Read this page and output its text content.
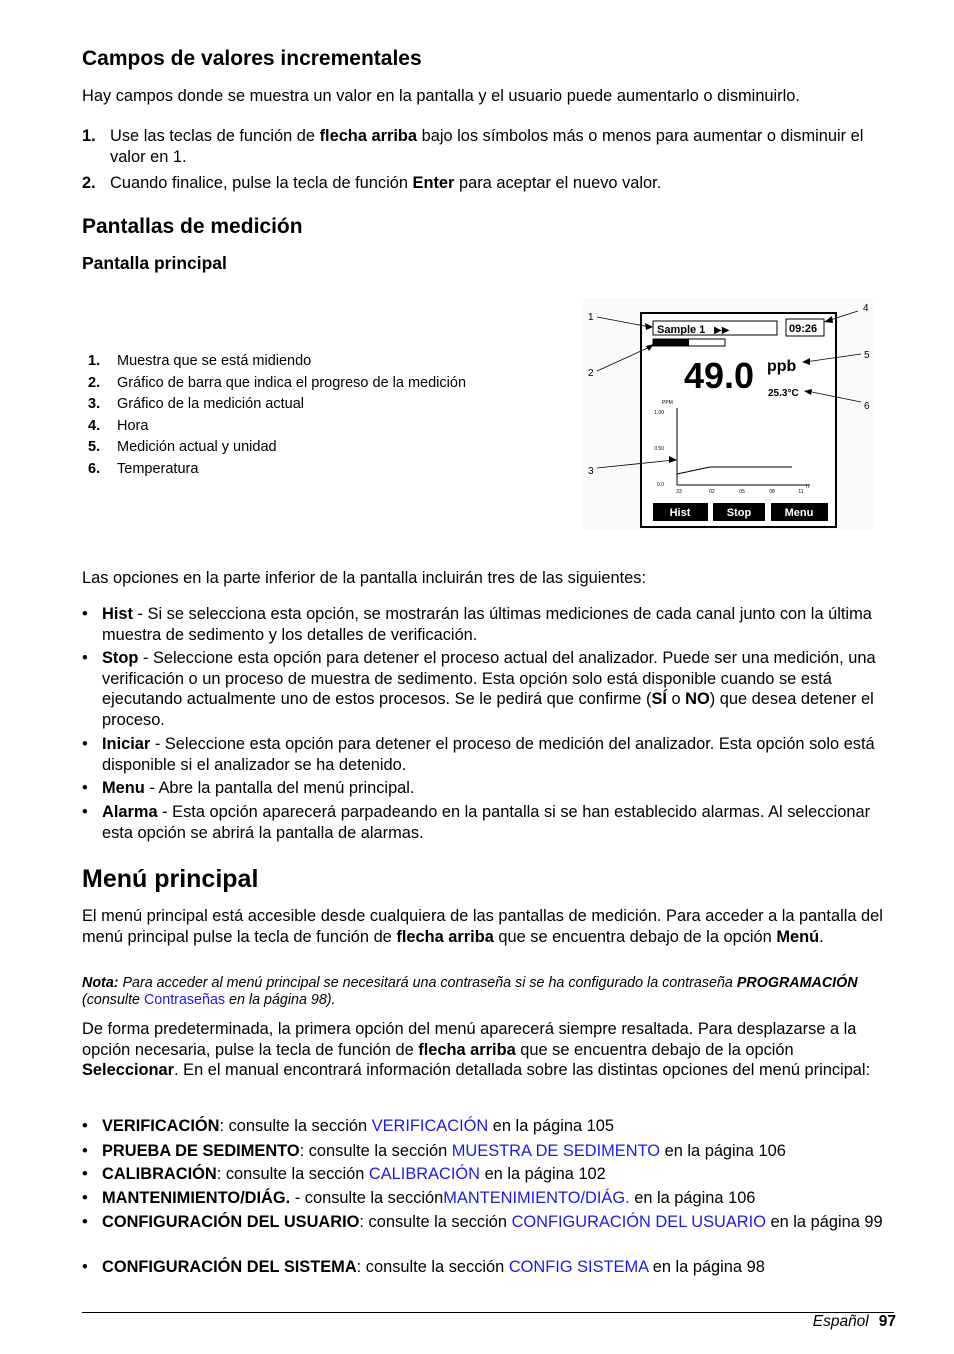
Campos de valores incrementales

Hay campos donde se muestra un valor en la pantalla y el usuario puede aumentarlo o disminuirlo.

1. Use las teclas de función de flecha arriba bajo los símbolos más o menos para aumentar o disminuir el valor en 1.
2. Cuando finalice, pulse la tecla de función Enter para aceptar el nuevo valor.
Pantallas de medición
Pantalla principal
1. Muestra que se está midiendo
2. Gráfico de barra que indica el progreso de la medición
3. Gráfico de la medición actual
4. Hora
5. Medición actual y unidad
6. Temperatura
Sample 1 ▶▶	09:26
49.0 ppb
25.3°C
PPM
1.00
0.50
0.0
23	02	05	08	11
h
Hist	Stop	Menu
1
2
3
4
5
6

Las opciones en la parte inferior de la pantalla incluirán tres de las siguientes:

• Hist - Si se selecciona esta opción, se mostrarán las últimas mediciones de cada canal junto con la última muestra de sedimento y los detalles de verificación.
• Stop - Seleccione esta opción para detener el proceso actual del analizador. Puede ser una medición, una verificación o un proceso de muestra de sedimento. Esta opción solo está disponible cuando se está ejecutando actualmente uno de estos procesos. Se le pedirá que confirme (SÍ o NO) que desea detener el proceso.
• Iniciar - Seleccione esta opción para detener el proceso de medición del analizador. Esta opción solo está disponible si el analizador se ha detenido.
• Menu - Abre la pantalla del menú principal.
• Alarma - Esta opción aparecerá parpadeando en la pantalla si se han establecido alarmas. Al seleccionar esta opción se abrirá la pantalla de alarmas.
Menú principal

El menú principal está accesible desde cualquiera de las pantallas de medición. Para acceder a la pantalla del menú principal pulse la tecla de función de flecha arriba que se encuentra debajo de la opción Menú.

Nota: Para acceder al menú principal se necesitará una contraseña si se ha configurado la contraseña PROGRAMACIÓN (consulte Contraseñas en la página 98).

De forma predeterminada, la primera opción del menú aparecerá siempre resaltada. Para desplazarse a la opción necesaria, pulse la tecla de función de flecha arriba que se encuentra debajo de la opción Seleccionar. En el manual encontrará información detallada sobre las distintas opciones del menú principal:

• VERIFICACIÓN: consulte la sección VERIFICACIÓN en la página 105
• PRUEBA DE SEDIMENTO: consulte la sección MUESTRA DE SEDIMENTO en la página 106
• CALIBRACIÓN: consulte la sección CALIBRACIÓN en la página 102
• MANTENIMIENTO/DIÁG. - consulte la secciónMANTENIMIENTO/DIÁG. en la página 106
• CONFIGURACIÓN DEL USUARIO: consulte la sección CONFIGURACIÓN DEL USUARIO en la página 99
• CONFIGURACIÓN DEL SISTEMA: consulte la sección CONFIG SISTEMA en la página 98
Español 97
